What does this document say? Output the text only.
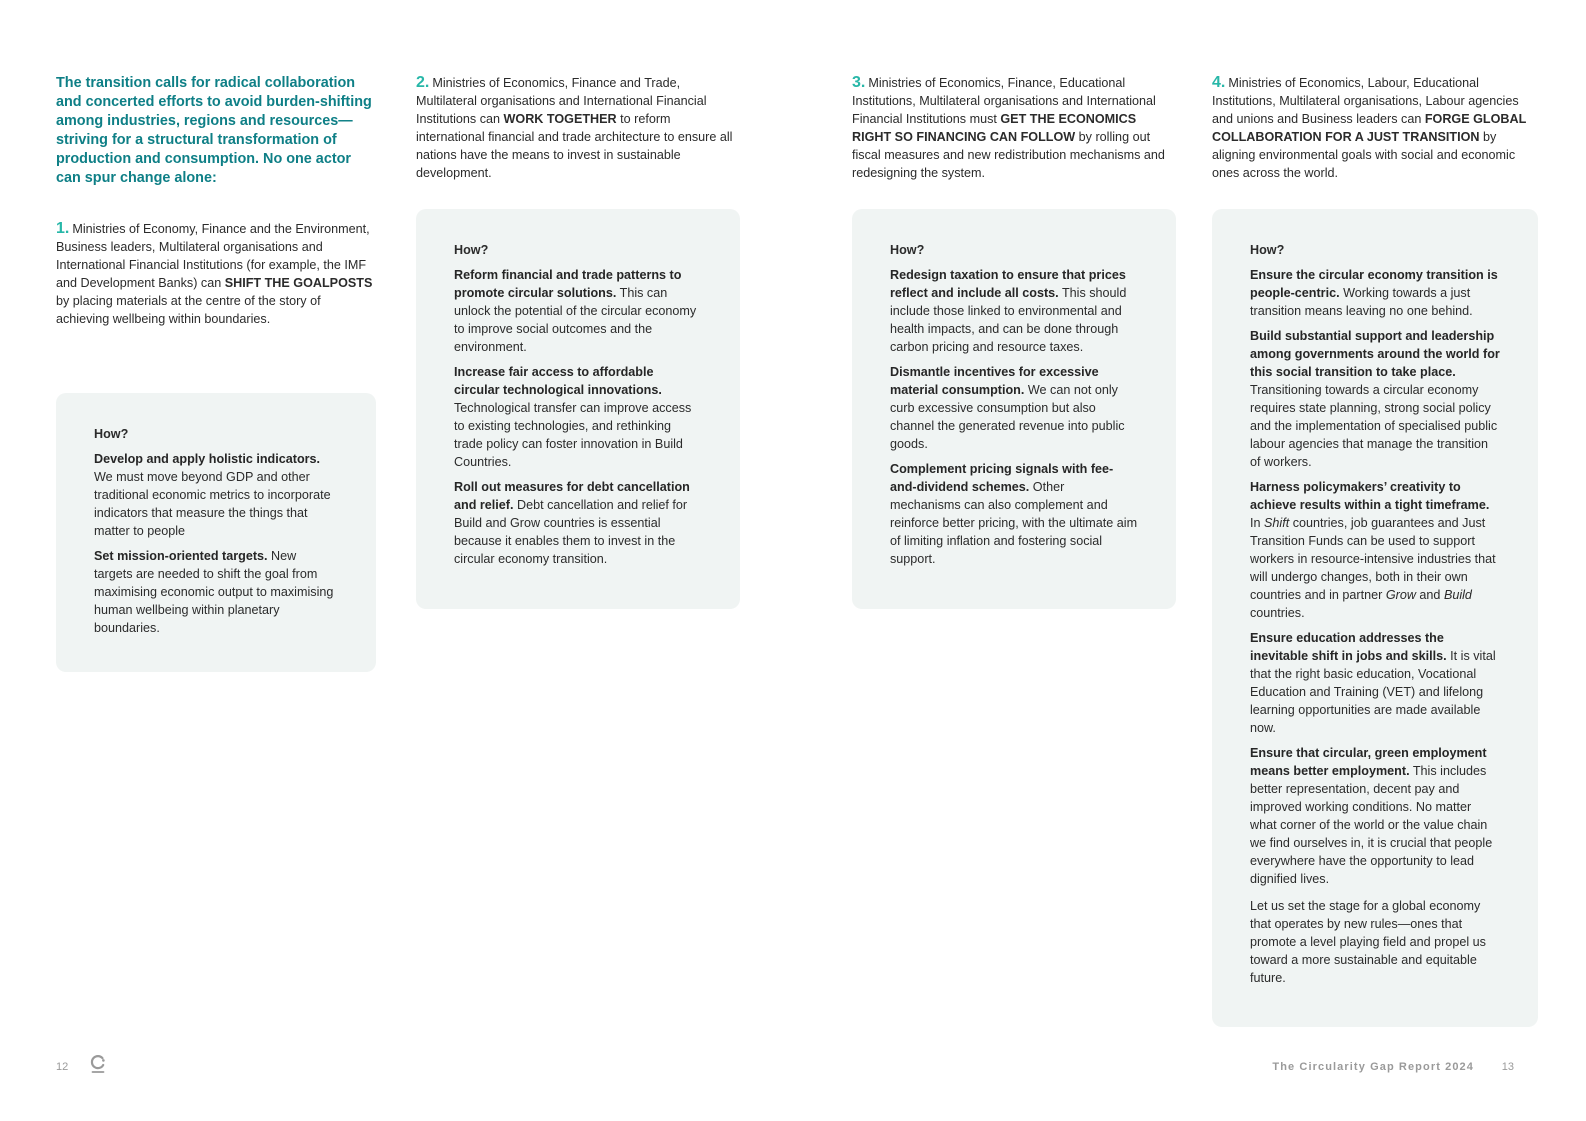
The transition calls for radical collaboration and concerted efforts to avoid burden-shifting among industries, regions and resources—striving for a structural transformation of production and consumption. No one actor can spur change alone:

1. Ministries of Economy, Finance and the Environment, Business leaders, Multilateral organisations and International Financial Institutions (for example, the IMF and Development Banks) can SHIFT THE GOALPOSTS by placing materials at the centre of the story of achieving wellbeing within boundaries.

How?

Develop and apply holistic indicators. We must move beyond GDP and other traditional economic metrics to incorporate indicators that measure the things that matter to people

Set mission-oriented targets. New targets are needed to shift the goal from maximising economic output to maximising human wellbeing within planetary boundaries.

2. Ministries of Economics, Finance and Trade, Multilateral organisations and International Financial Institutions can WORK TOGETHER to reform international financial and trade architecture to ensure all nations have the means to invest in sustainable development.

How?

Reform financial and trade patterns to promote circular solutions. This can unlock the potential of the circular economy to improve social outcomes and the environment.

Increase fair access to affordable circular technological innovations. Technological transfer can improve access to existing technologies, and rethinking trade policy can foster innovation in Build Countries.

Roll out measures for debt cancellation and relief. Debt cancellation and relief for Build and Grow countries is essential because it enables them to invest in the circular economy transition.

3. Ministries of Economics, Finance, Educational Institutions, Multilateral organisations and International Financial Institutions must GET THE ECONOMICS RIGHT SO FINANCING CAN FOLLOW by rolling out fiscal measures and new redistribution mechanisms and redesigning the system.

How?

Redesign taxation to ensure that prices reflect and include all costs. This should include those linked to environmental and health impacts, and can be done through carbon pricing and resource taxes.

Dismantle incentives for excessive material consumption. We can not only curb excessive consumption but also channel the generated revenue into public goods.

Complement pricing signals with fee-and-dividend schemes. Other mechanisms can also complement and reinforce better pricing, with the ultimate aim of limiting inflation and fostering social support.

4. Ministries of Economics, Labour, Educational Institutions, Multilateral organisations, Labour agencies and unions and Business leaders can FORGE GLOBAL COLLABORATION FOR A JUST TRANSITION by aligning environmental goals with social and economic ones across the world.

How?

Ensure the circular economy transition is people-centric. Working towards a just transition means leaving no one behind.

Build substantial support and leadership among governments around the world for this social transition to take place. Transitioning towards a circular economy requires state planning, strong social policy and the implementation of specialised public labour agencies that manage the transition of workers.

Harness policymakers’ creativity to achieve results within a tight timeframe. In Shift countries, job guarantees and Just Transition Funds can be used to support workers in resource-intensive industries that will undergo changes, both in their own countries and in partner Grow and Build countries.

Ensure education addresses the inevitable shift in jobs and skills. It is vital that the right basic education, Vocational Education and Training (VET) and lifelong learning opportunities are made available now.

Ensure that circular, green employment means better employment. This includes better representation, decent pay and improved working conditions. No matter what corner of the world or the value chain we find ourselves in, it is crucial that people everywhere have the opportunity to lead dignified lives.

Let us set the stage for a global economy that operates by new rules—ones that promote a level playing field and propel us toward a more sustainable and equitable future.

12	The Circularity Gap Report 2024	13
